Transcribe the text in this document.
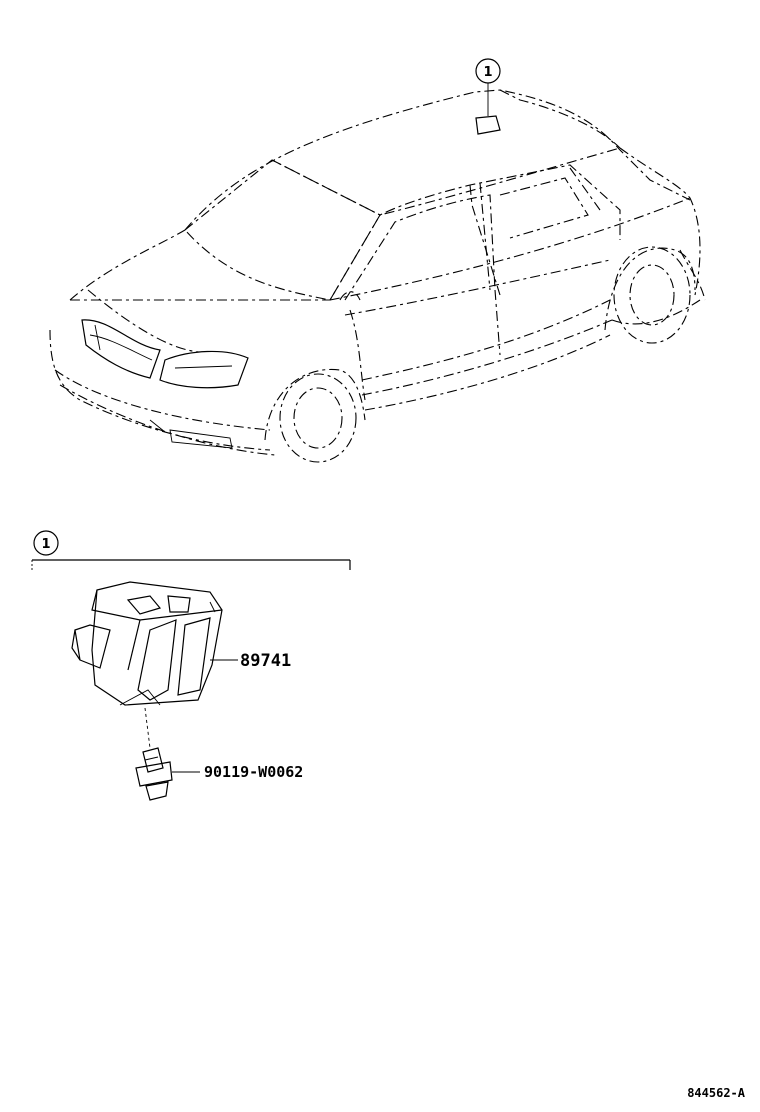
1
1
89741
90119-W0062
844562-A
